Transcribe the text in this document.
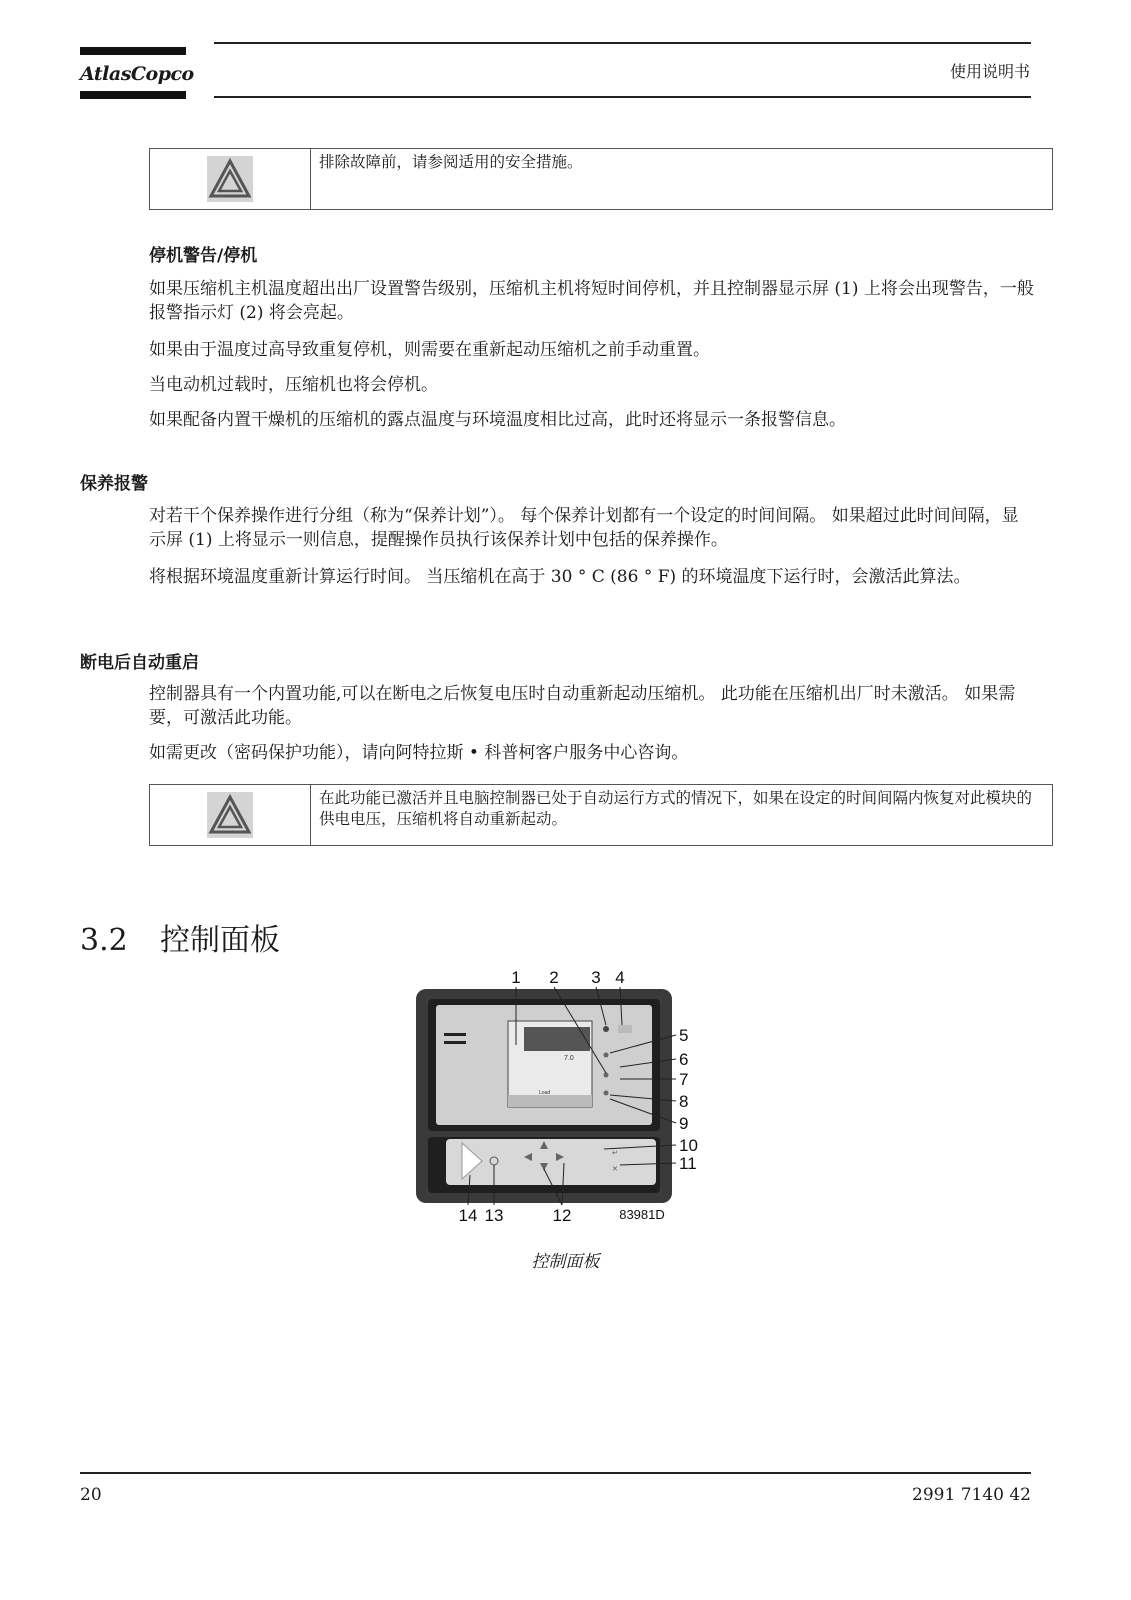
AtlasCopco	使用说明书
排除故障前，请参阅适用的安全措施。
停机警告/停机

如果压缩机主机温度超出出厂设置警告级别，压缩机主机将短时间停机，并且控制器显示屏 (1) 上将会出现警告，一般报警指示灯 (2) 将会亮起。

如果由于温度过高导致重复停机，则需要在重新起动压缩机之前手动重置。

当电动机过载时，压缩机也将会停机。

如果配备内置干燥机的压缩机的露点温度与环境温度相比过高，此时还将显示一条报警信息。

保养报警

对若干个保养操作进行分组（称为“保养计划”）。 每个保养计划都有一个设定的时间间隔。 如果超过此时间间隔，显示屏 (1) 上将显示一则信息，提醒操作员执行该保养计划中包括的保养操作。

将根据环境温度重新计算运行时间。 当压缩机在高于 30 ° C (86 ° F) 的环境温度下运行时，会激活此算法。

断电后自动重启

控制器具有一个内置功能,可以在断电之后恢复电压时自动重新起动压缩机。 此功能在压缩机出厂时未激活。 如果需要，可激活此功能。

如需更改（密码保护功能），请向阿特拉斯 • 科普柯客户服务中心咨询。

在此功能已激活并且电脑控制器已处于自动运行方式的情况下，如果在设定的时间间隔内恢复对此模块的供电电压，压缩机将自动重新起动。
3.2 控制面板
7.0
Load
↵
✕
1 2 3 4
5
6
7
8
9
10
11
14 13	12	83981D
控制面板
20	2991 7140 42
